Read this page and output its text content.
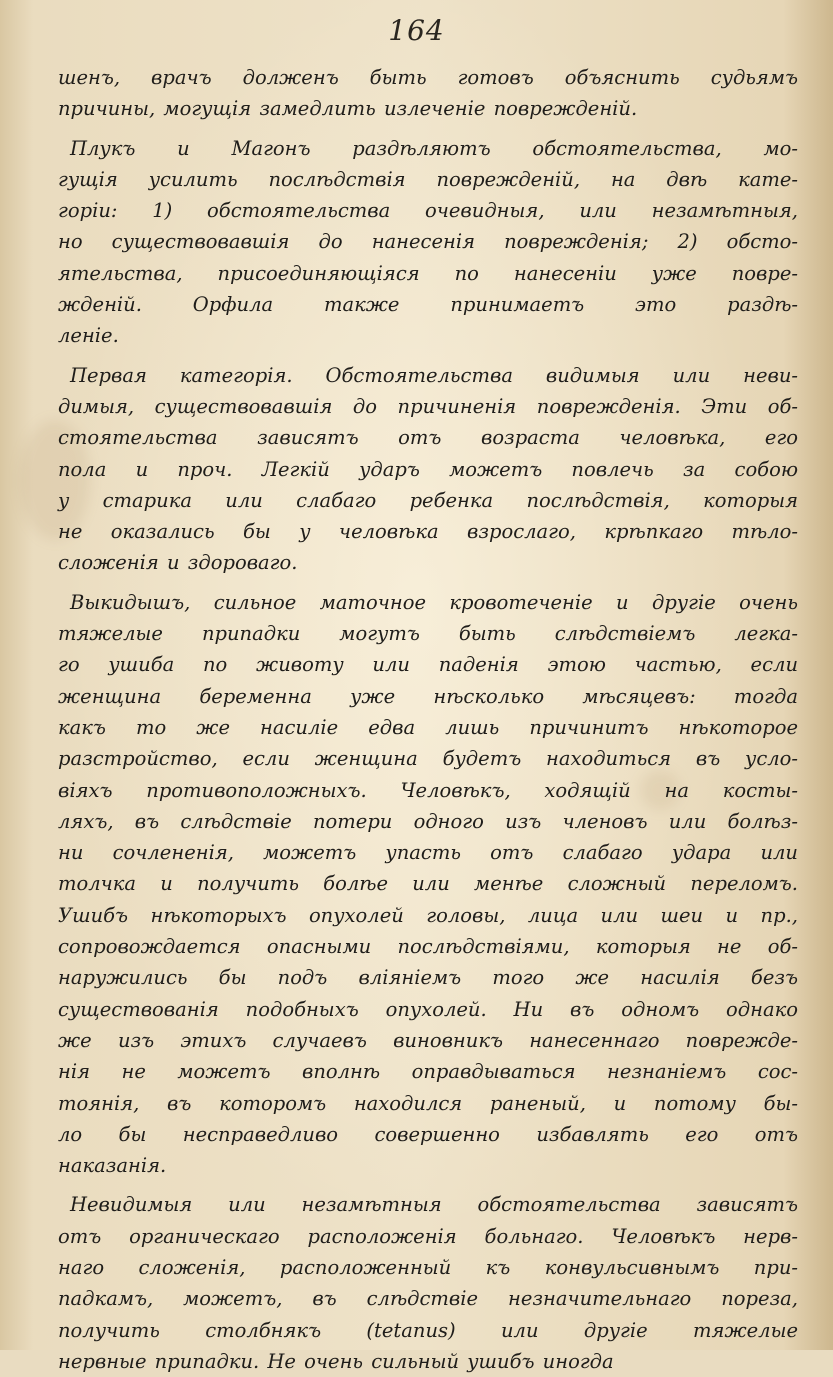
164
шенъ, врачъ долженъ быть готовъ объяснить судьямъ
причины, могущія замедлить излеченіе поврежденій.
Плукъ и Магонъ раздѣляютъ обстоятельства, мо-
гущія усилить послѣдствія поврежденій, на двѣ кате-
горіи: 1) обстоятельства очевидныя, или незамѣтныя,
но существовавшія до нанесенія поврежденія; 2) обсто-
ятельства, присоединяющіяся по нанесеніи уже повре-
жденій. Орфила также принимаетъ это раздѣ-
леніе.
Первая категорія. Обстоятельства видимыя или неви-
димыя, существовавшія до причиненія поврежденія. Эти об-
стоятельства зависятъ отъ возраста человѣка, его
пола и проч. Легкій ударъ можетъ повлечь за собою
у старика или слабаго ребенка послѣдствія, которыя
не оказались бы у человѣка взрослаго, крѣпкаго тѣло-
сложенія и здороваго.
Выкидышъ, сильное маточное кровотеченіе и другіе очень
тяжелые припадки могутъ быть слѣдствіемъ легка-
го ушиба по животу или паденія этою частью, если
женщина беременна уже нѣсколько мѣсяцевъ: тогда
какъ то же насиліе едва лишь причинитъ нѣкоторое
разстройство, если женщина будетъ находиться въ усло-
віяхъ противоположныхъ. Человѣкъ, ходящій на косты-
ляхъ, въ слѣдствіе потери одного изъ членовъ или болѣз-
ни сочлененія, можетъ упасть отъ слабаго удара или
толчка и получить болѣе или менѣе сложный переломъ.
Ушибъ нѣкоторыхъ опухолей головы, лица или шеи и пр.,
сопровождается опасными послѣдствіями, которыя не об-
наружились бы подъ вліяніемъ того же насилія безъ
существованія подобныхъ опухолей. Ни въ одномъ однако
же изъ этихъ случаевъ виновникъ нанесеннаго поврежде-
нія не можетъ вполнѣ оправдываться незнаніемъ сос-
тоянія, въ которомъ находился раненый, и потому бы-
ло бы несправедливо совершенно избавлять его отъ
наказанія.
Невидимыя или незамѣтныя обстоятельства зависятъ
отъ органическаго расположенія больнаго. Человѣкъ нерв-
наго сложенія, расположенный къ конвульсивнымъ при-
падкамъ, можетъ, въ слѣдствіе незначительнаго пореза,
получить столбнякъ (tetanus) или другіе тяжелые
нервные припадки. Не очень сильный ушибъ иногда
